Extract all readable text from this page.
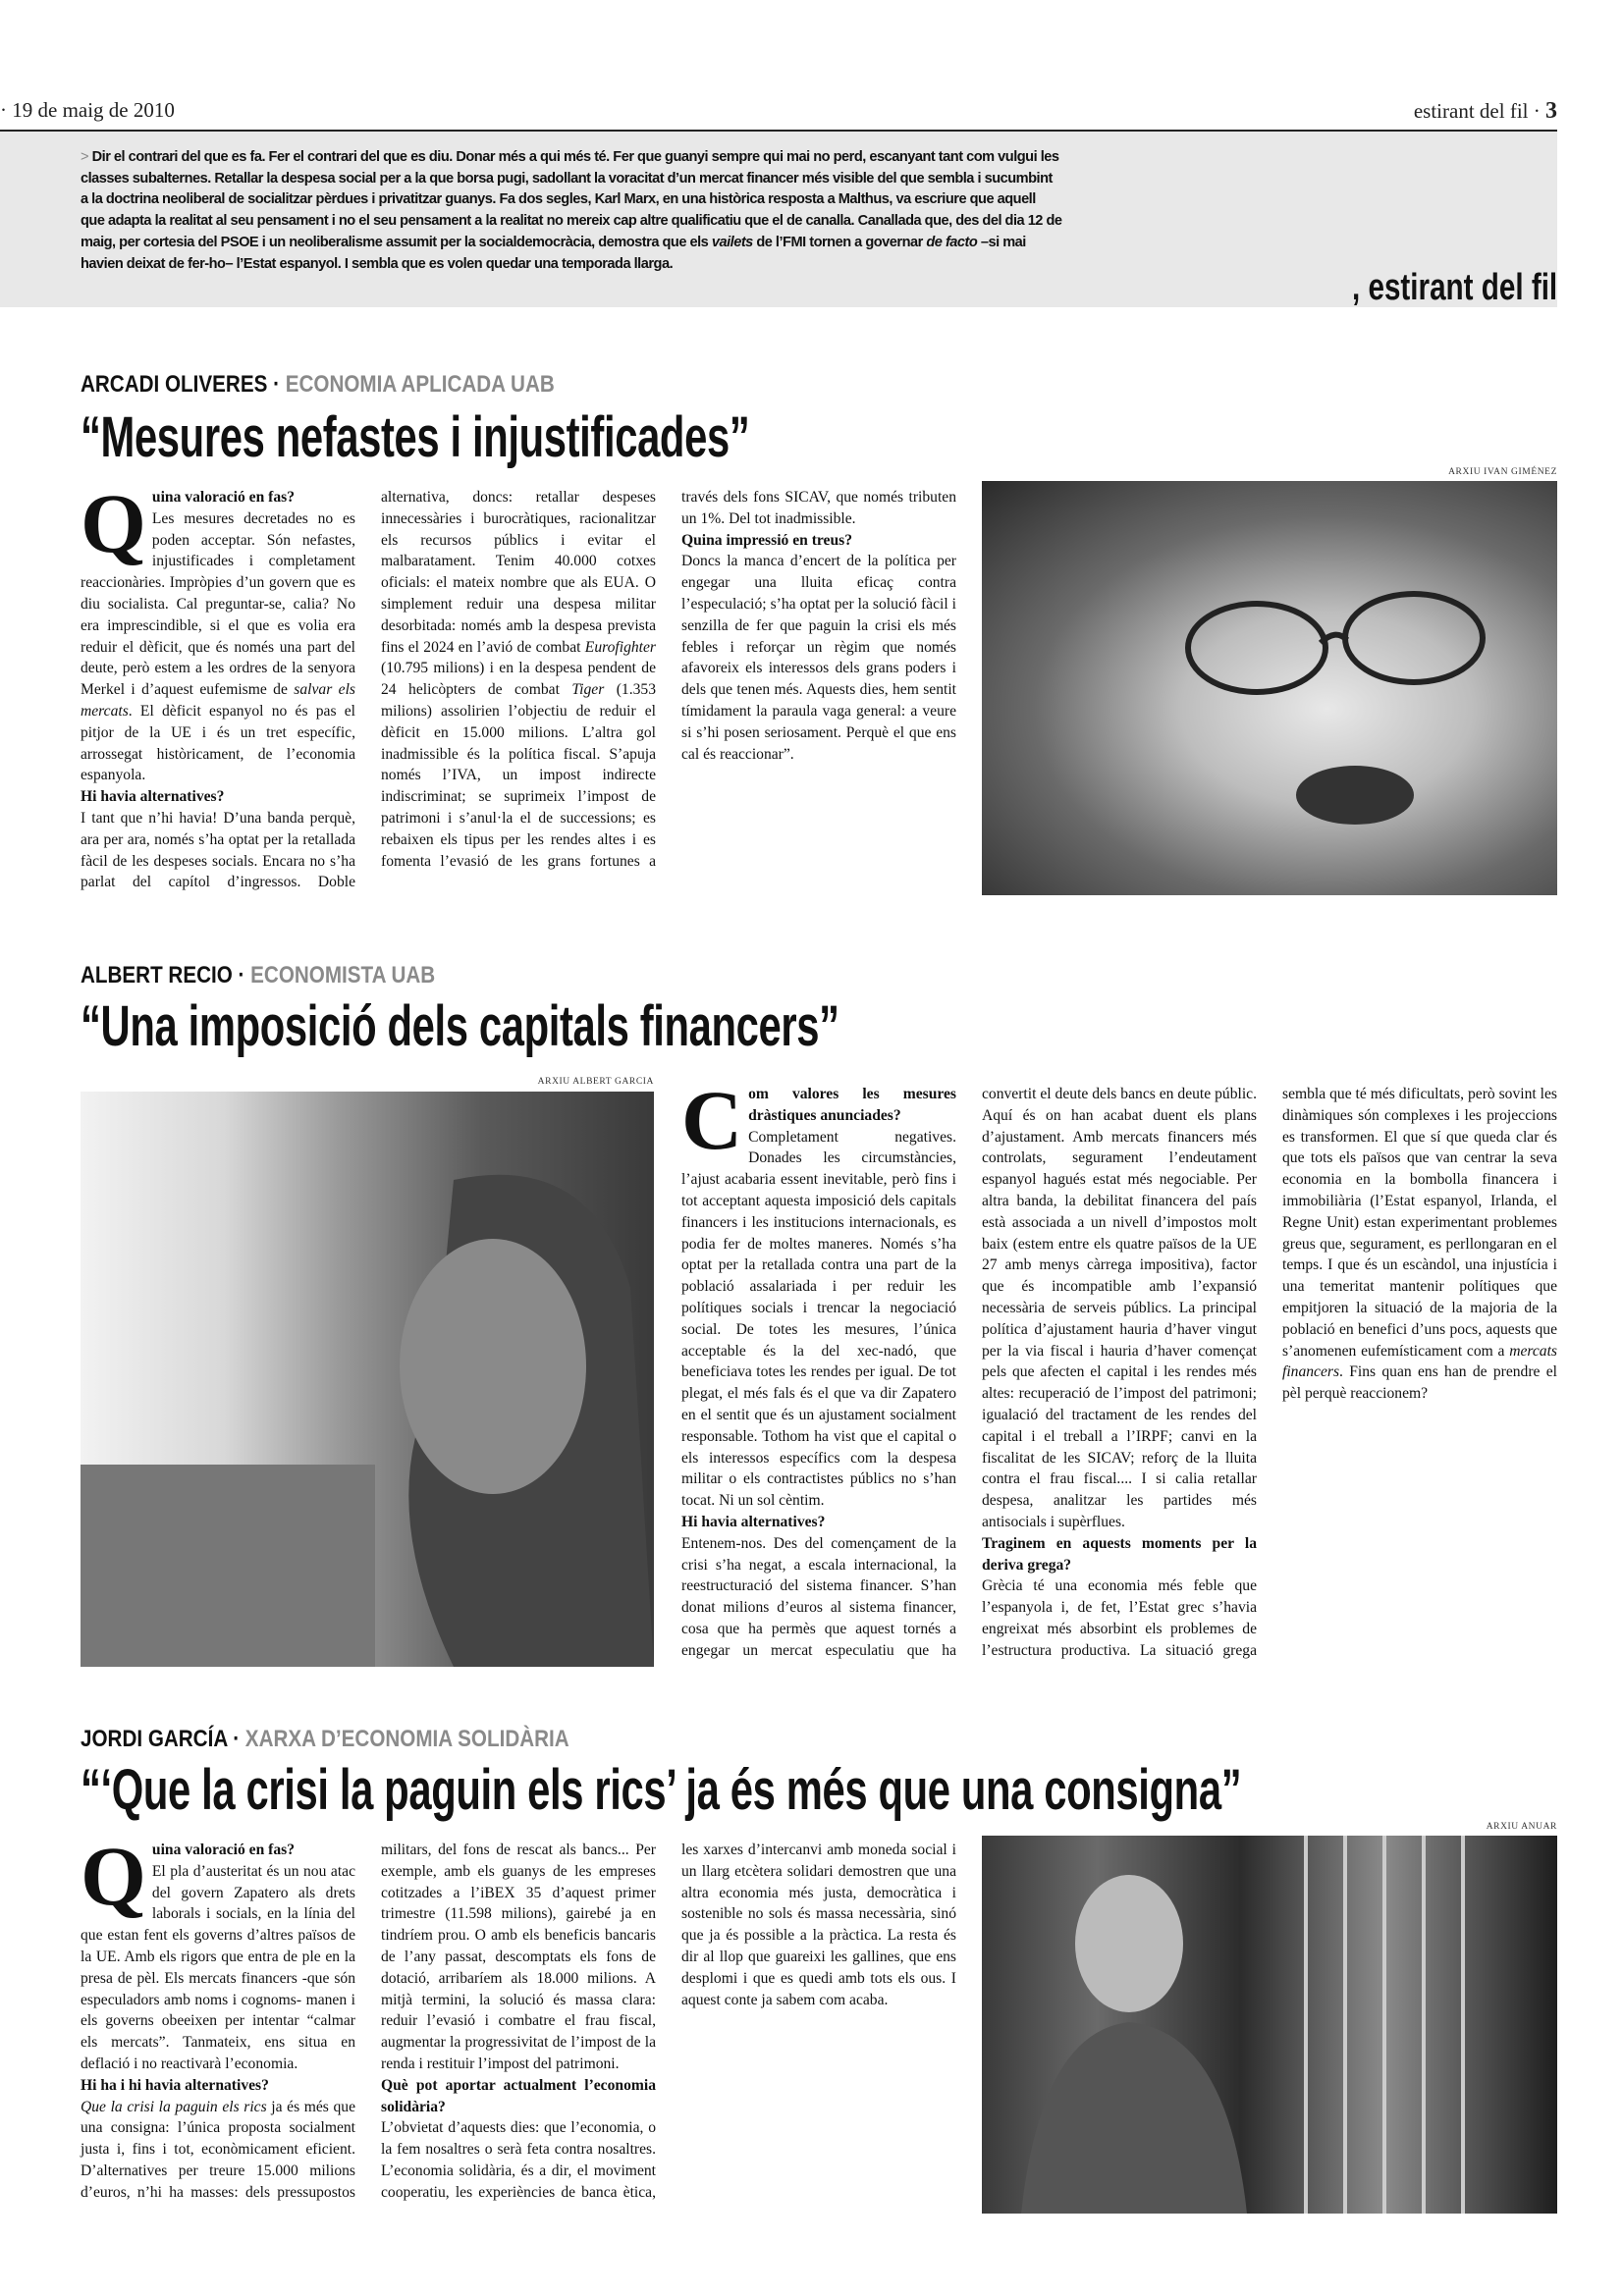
· 19 de maig de 2010	estirant del fil · 3
> Dir el contrari del que es fa. Fer el contrari del que es diu. Donar més a qui més té. Fer que guanyi sempre qui mai no perd, escanyant tant com vulgui les classes subalternes. Retallar la despesa social per a la que borsa pugi, sadollant la voracitat d’un mercat financer més visible del que sembla i sucumbint a la doctrina neoliberal de socialitzar pèrdues i privatitzar guanys. Fa dos segles, Karl Marx, en una històrica resposta a Malthus, va escriure que aquell que adapta la realitat al seu pensament i no el seu pensament a la realitat no mereix cap altre qualificatiu que el de canalla. Canallada que, des del dia 12 de maig, per cortesia del PSOE i un neoliberalisme assumit per la socialdemocràcia, demostra que els vailets de l’FMI tornen a governar de facto –si mai havien deixat de fer-ho– l’Estat espanyol. I sembla que es volen quedar una temporada llarga.
, estirant del fil
ARCADI OLIVERES · ECONOMIA APLICADA UAB
“Mesures nefastes i injustificades”
ARXIU IVAN GIMÉNEZ

Quina valoració en fas?
Les mesures decretades no es poden acceptar. Són nefastes, injustificades i completament reaccionàries. Impròpies d’un govern que es diu socialista. Cal preguntar-se, calia? No era imprescindible, si el que es volia era reduir el dèficit, que és només una part del deute, però estem a les ordres de la senyora Merkel i d’aquest eufemisme de salvar els mercats. El dèficit espanyol no és pas el pitjor de la UE i és un tret específic, arrossegat històricament, de l’economia espanyola.

Hi havia alternatives?
I tant que n’hi havia! D’una banda perquè, ara per ara, només s’ha optat per la retallada fàcil de les despeses socials. Encara no s’ha parlat del capítol d’ingressos. Doble alternativa, doncs: retallar despeses innecessàries i burocràtiques, racionalitzar els recursos públics i evitar el malbaratament. Tenim 40.000 cotxes oficials: el mateix nombre que als EUA. O simplement reduir una despesa militar desorbitada: només amb la despesa prevista fins el 2024 en l’avió de combat Eurofighter (10.795 milions) i en la despesa pendent de 24 helicòpters de combat Tiger (1.353 milions) assolirien l’objectiu de reduir el dèficit en 15.000 milions. L’altra gol inadmissible és la política fiscal. S’apuja només l’IVA, un impost indirecte indiscriminat; se suprimeix l’impost de patrimoni i s’anul·la el de successions; es rebaixen els tipus per les rendes altes i es fomenta l’evasió de les grans fortunes a través dels fons SICAV, que només tributen un 1%. Del tot inadmissible.

Quina impressió en treus?
Doncs la manca d’encert de la política per engegar una lluita eficaç contra l’especulació; s’ha optat per la solució fàcil i senzilla de fer que paguin la crisi els més febles i reforçar un règim que només afavoreix els interessos dels grans poders i dels que tenen més. Aquests dies, hem sentit tímidament la paraula vaga general: a veure si s’hi posen seriosament. Perquè el que ens cal és reaccionar”.

ALBERT RECIO · ECONOMISTA UAB
“Una imposició dels capitals financers”
ARXIU ALBERT GARCIA Com valores les mesures dràstiques anunciades?
Completament negatives. Donades les circumstàncies, l’ajust acabaria essent inevitable, però fins i tot acceptant aquesta imposició dels capitals financers i les institucions internacionals, es podia fer de moltes maneres. Només s’ha optat per la retallada contra una part de la població assalariada i per reduir les polítiques socials i trencar la negociació social. De totes les mesures, l’única acceptable és la del xec-nadó, que beneficiava totes les rendes per igual. De tot plegat, el més fals és el que va dir Zapatero en el sentit que és un ajustament socialment responsable. Tothom ha vist que el capital o els interessos específics com la despesa militar o els contractistes públics no s’han tocat. Ni un sol cèntim.

Hi havia alternatives?
Entenem-nos. Des del començament de la crisi s’ha negat, a escala internacional, la reestructuració del sistema financer. S’han donat milions d’euros al sistema financer, cosa que ha permès que aquest tornés a engegar un mercat especulatiu que ha convertit el deute dels bancs en deute públic. Aquí és on han acabat duent els plans d’ajustament. Amb mercats financers més controlats, segurament l’endeutament espanyol hagués estat més negociable. Per altra banda, la debilitat financera del país està associada a un nivell d’impostos molt baix (estem entre els quatre països de la UE 27 amb menys càrrega impositiva), factor que és incompatible amb l’expansió necessària de serveis públics. La principal política d’ajustament hauria d’haver vingut per la via fiscal i hauria d’haver començat pels que afecten el capital i les rendes més altes: recuperació de l’impost del patrimoni; igualació del tractament de les rendes del capital i el treball a l’IRPF; canvi en la fiscalitat de les SICAV; reforç de la lluita contra el frau fiscal.... I si calia retallar despesa, analitzar les partides més antisocials i supèrflues.

Traginem en aquests moments per la deriva grega?
Grècia té una economia més feble que l’espanyola i, de fet, l’Estat grec s’havia engreixat més absorbint els problemes de l’estructura productiva. La situació grega sembla que té més dificultats, però sovint les dinàmiques són complexes i les projeccions es transformen. El que sí que queda clar és que tots els països que van centrar la seva economia en la bombolla financera i immobiliària (l’Estat espanyol, Irlanda, el Regne Unit) estan experimentant problemes greus que, segurament, es perllongaran en el temps. I que és un escàndol, una injustícia i una temeritat mantenir polítiques que empitjoren la situació de la majoria de la població en benefici d’uns pocs, aquests que s’anomenen eufemísticament com a mercats financers. Fins quan ens han de prendre el pèl perquè reaccionem?

JORDI GARCÍA · XARXA D’ECONOMIA SOLIDÀRIA
“‘Que la crisi la paguin els rics’ ja és més que una consigna”
ARXIU ANUAR

Quina valoració en fas?
El pla d’austeritat és un nou atac del govern Zapatero als drets laborals i socials, en la línia del que estan fent els governs d’altres països de la UE. Amb els rigors que entra de ple en la presa de pèl. Els mercats financers -que són especuladors amb noms i cognoms- manen i els governs obeeixen per intentar “calmar els mercats”. Tanmateix, ens situa en deflació i no reactivarà l’economia.

Hi ha i hi havia alternatives?
Que la crisi la paguin els rics ja és més que una consigna: l’única proposta socialment justa i, fins i tot, econòmicament eficient. D’alternatives per treure 15.000 milions d’euros, n’hi ha masses: dels pressupostos militars, del fons de rescat als bancs... Per exemple, amb els guanys de les empreses cotitzades a l’iBEX 35 d’aquest primer trimestre (11.598 milions), gairebé ja en tindríem prou. O amb els beneficis bancaris de l’any passat, descomptats els fons de dotació, arribaríem als 18.000 milions. A mitjà termini, la solució és massa clara: reduir l’evasió i combatre el frau fiscal, augmentar la progressivitat de l’impost de la renda i restituir l’impost del patrimoni.

Què pot aportar actualment l’economia solidària?
L’obvietat d’aquests dies: que l’economia, o la fem nosaltres o serà feta contra nosaltres. L’economia solidària, és a dir, el moviment cooperatiu, les experiències de banca ètica, les xarxes d’intercanvi amb moneda social i un llarg etcètera solidari demostren que una altra economia més justa, democràtica i sostenible no sols és massa necessària, sinó que ja és possible a la pràctica. La resta és dir al llop que guareixi les gallines, que ens desplomi i que es quedi amb tots els ous. I aquest conte ja sabem com acaba.
